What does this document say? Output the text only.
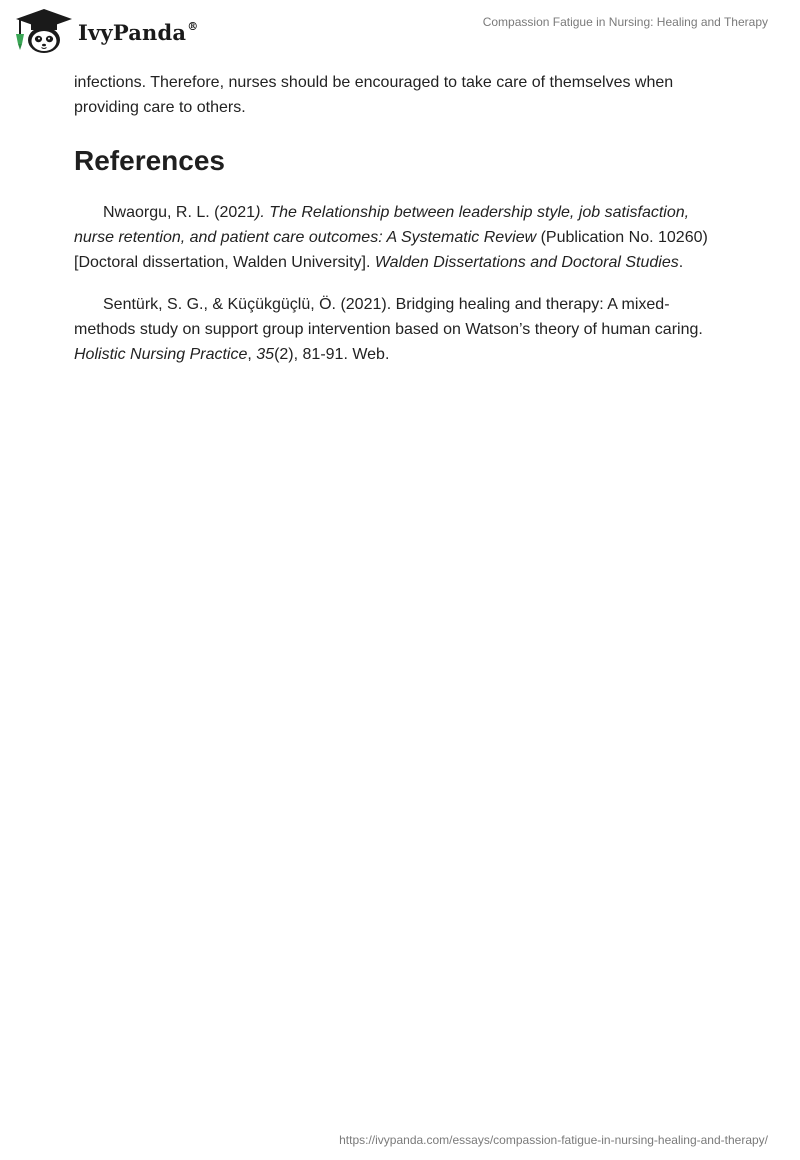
IvyPanda®	Compassion Fatigue in Nursing: Healing and Therapy

infections. Therefore, nurses should be encouraged to take care of themselves when providing care to others.

References

Nwaorgu, R. L. (2021). The Relationship between leadership style, job satisfaction, nurse retention, and patient care outcomes: A Systematic Review (Publication No. 10260) [Doctoral dissertation, Walden University]. Walden Dissertations and Doctoral Studies.

Sentürk, S. G., & Küçükgüçlü, Ö. (2021). Bridging healing and therapy: A mixed-methods study on support group intervention based on Watson’s theory of human caring. Holistic Nursing Practice, 35(2), 81-91. Web.

https://ivypanda.com/essays/compassion-fatigue-in-nursing-healing-and-therapy/
